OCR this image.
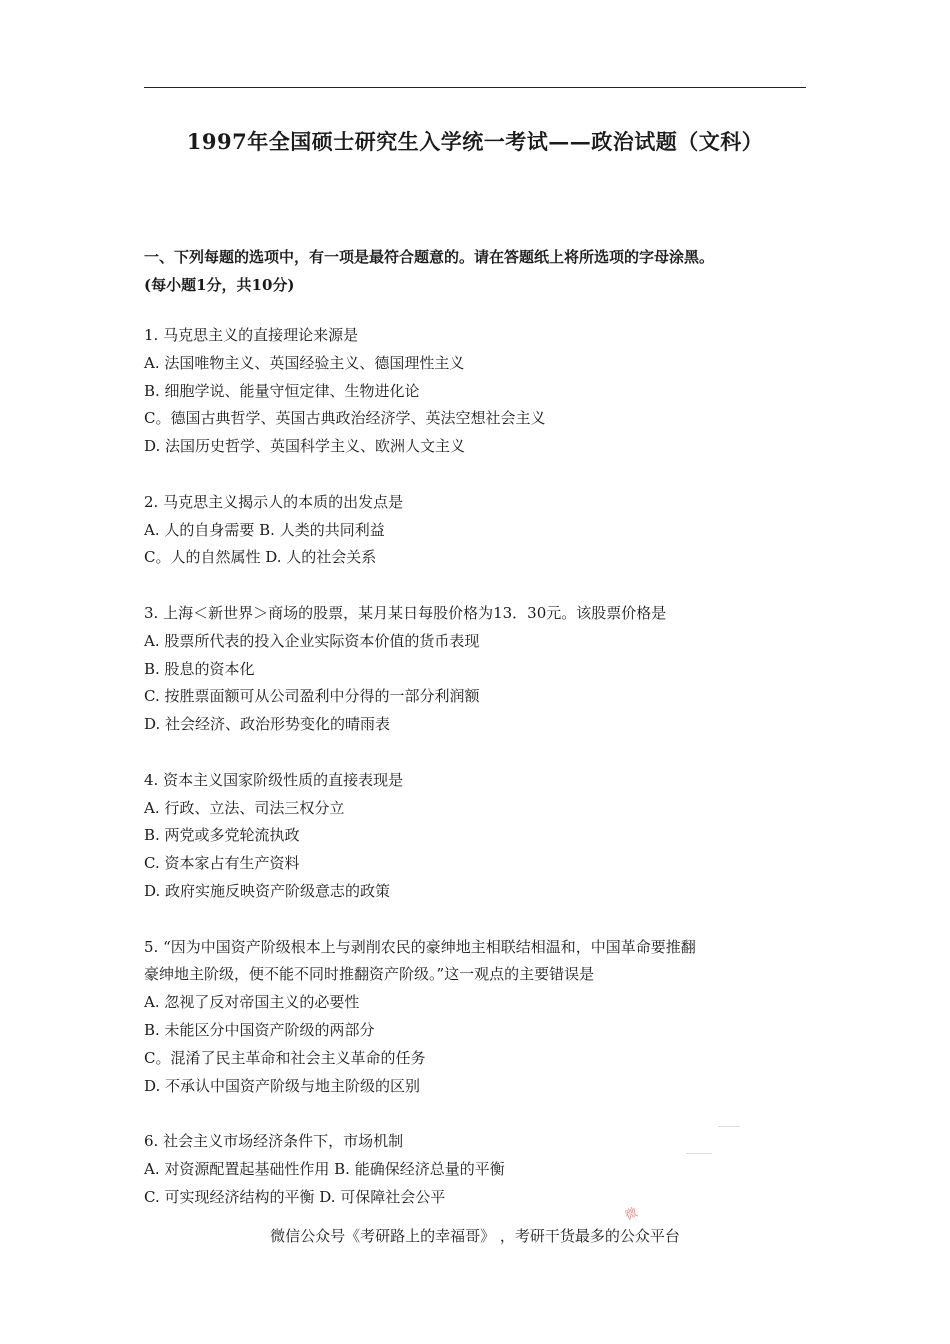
1997年全国硕士研究生入学统一考试——政治试题（文科）
一、下列每题的选项中，有一项是最符合题意的。请在答题纸上将所选项的字母涂黑。
(每小题1分，共10分)
1. 马克思主义的直接理论来源是
A. 法国唯物主义、英国经验主义、德国理性主义
B. 细胞学说、能量守恒定律、生物进化论
C。德国古典哲学、英国古典政治经济学、英法空想社会主义
D. 法国历史哲学、英国科学主义、欧洲人文主义
2. 马克思主义揭示人的本质的出发点是
A. 人的自身需要 B. 人类的共同利益
C。人的自然属性 D. 人的社会关系
3. 上海＜新世界＞商场的股票，某月某日每股价格为13．30元。该股票价格是
A. 股票所代表的投入企业实际资本价值的货币表现
B. 股息的资本化
C. 按胜票面额可从公司盈利中分得的一部分利润额
D. 社会经济、政治形势变化的晴雨表
4. 资本主义国家阶级性质的直接表现是
A. 行政、立法、司法三权分立
B. 两党或多党轮流执政
C. 资本家占有生产资料
D. 政府实施反映资产阶级意志的政策
5. “因为中国资产阶级根本上与剥削农民的豪绅地主相联结相温和，中国革命要推翻
豪绅地主阶级，便不能不同时推翻资产阶级。”这一观点的主要错误是
A. 忽视了反对帝国主义的必要性
B. 未能区分中国资产阶级的两部分
C。混淆了民主革命和社会主义革命的任务
D. 不承认中国资产阶级与地主阶级的区别
6. 社会主义市场经济条件下，市场机制
A. 对资源配置起基础性作用 B. 能确保经济总量的平衡
C. 可实现经济结构的平衡 D. 可保障社会公平
微
微信公众号《考研路上的幸福哥》 ，考研干货最多的公众平台
